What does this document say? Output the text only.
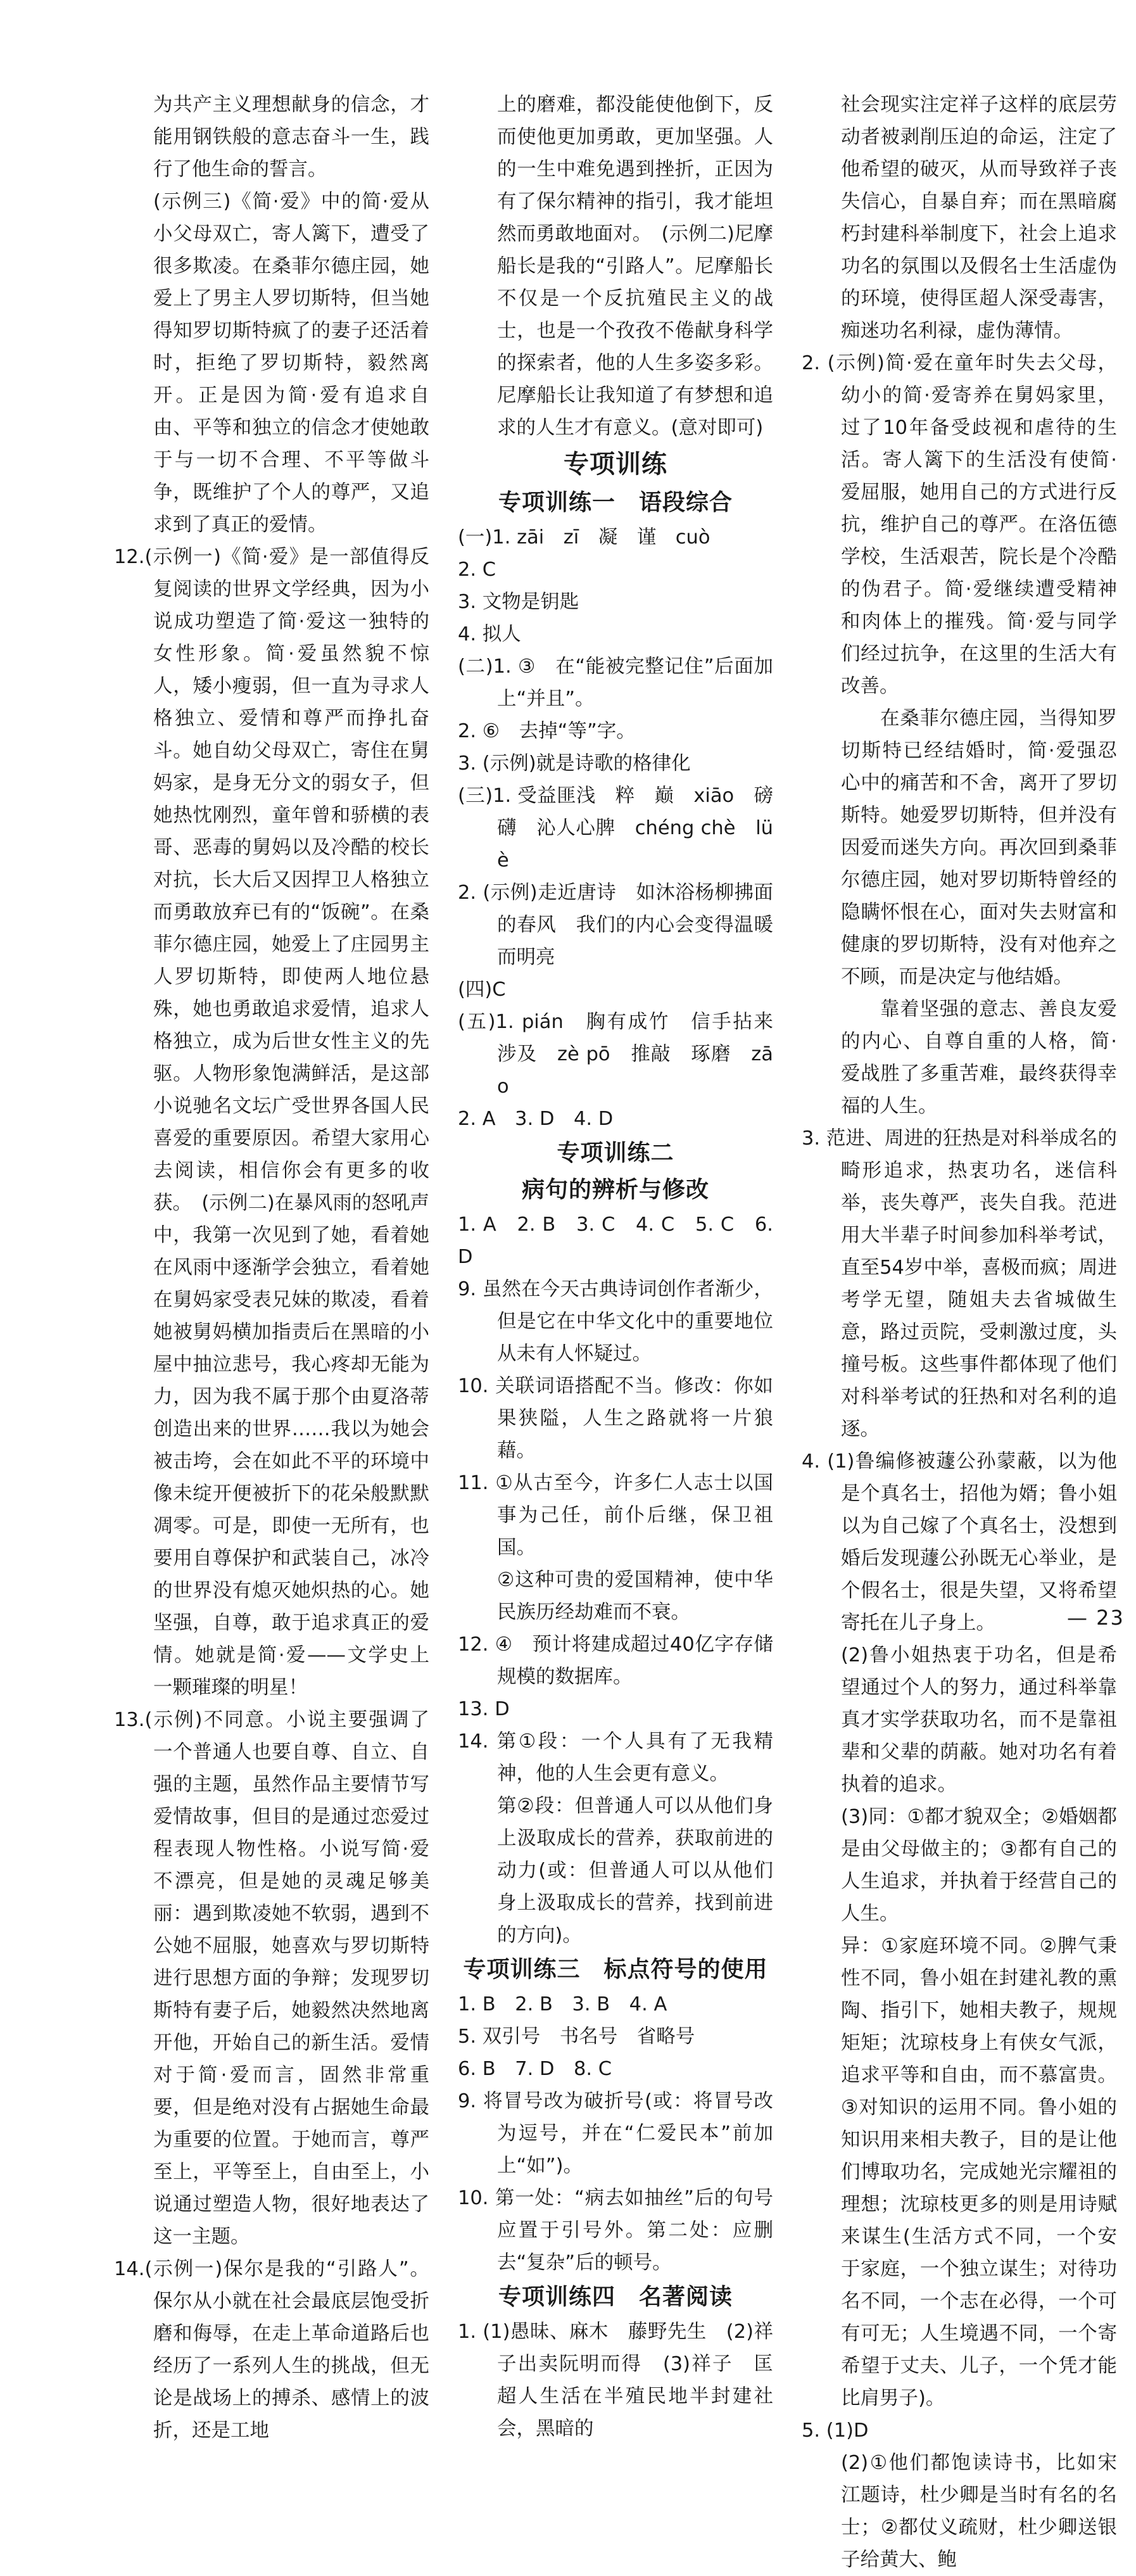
为共产主义理想献身的信念，才能用钢铁般的意志奋斗一生，践行了他生命的誓言。

(示例三)《简·爱》中的简·爱从小父母双亡，寄人篱下，遭受了很多欺凌。在桑菲尔德庄园，她爱上了男主人罗切斯特，但当她得知罗切斯特疯了的妻子还活着时，拒绝了罗切斯特，毅然离开。正是因为简·爱有追求自由、平等和独立的信念才使她敢于与一切不合理、不平等做斗争，既维护了个人的尊严，又追求到了真正的爱情。

12.(示例一)《简·爱》是一部值得反复阅读的世界文学经典，因为小说成功塑造了简·爱这一独特的女性形象。简·爱虽然貌不惊人，矮小瘦弱，但一直为寻求人格独立、爱情和尊严而挣扎奋斗。她自幼父母双亡，寄住在舅妈家，是身无分文的弱女子，但她热忱刚烈，童年曾和骄横的表哥、恶毒的舅妈以及冷酷的校长对抗，长大后又因捍卫人格独立而勇敢放弃已有的“饭碗”。在桑菲尔德庄园，她爱上了庄园男主人罗切斯特，即使两人地位悬殊，她也勇敢追求爱情，追求人格独立，成为后世女性主义的先驱。人物形象饱满鲜活，是这部小说驰名文坛广受世界各国人民喜爱的重要原因。希望大家用心去阅读，相信你会有更多的收获。　(示例二)在暴风雨的怒吼声中，我第一次见到了她，看着她在风雨中逐渐学会独立，看着她在舅妈家受表兄妹的欺凌，看着她被舅妈横加指责后在黑暗的小屋中抽泣悲号，我心疼却无能为力，因为我不属于那个由夏洛蒂创造出来的世界……我以为她会被击垮，会在如此不平的环境中像未绽开便被折下的花朵般默默凋零。可是，即使一无所有，也要用自尊保护和武装自己，冰冷的世界没有熄灭她炽热的心。她坚强，自尊，敢于追求真正的爱情。她就是简·爱——文学史上一颗璀璨的明星！

13.(示例)不同意。小说主要强调了一个普通人也要自尊、自立、自强的主题，虽然作品主要情节写爱情故事，但目的是通过恋爱过程表现人物性格。小说写简·爱不漂亮，但是她的灵魂足够美丽：遇到欺凌她不软弱，遇到不公她不屈服，她喜欢与罗切斯特进行思想方面的争辩；发现罗切斯特有妻子后，她毅然决然地离开他，开始自己的新生活。爱情对于简·爱而言，固然非常重要，但是绝对没有占据她生命最为重要的位置。于她而言，尊严至上，平等至上，自由至上，小说通过塑造人物，很好地表达了这一主题。

14.(示例一)保尔是我的“引路人”。保尔从小就在社会最底层饱受折磨和侮辱，在走上革命道路后也经历了一系列人生的挑战，但无论是战场上的搏杀、感情上的波折，还是工地

上的磨难，都没能使他倒下，反而使他更加勇敢，更加坚强。人的一生中难免遇到挫折，正因为有了保尔精神的指引，我才能坦然而勇敢地面对。　(示例二)尼摩船长是我的“引路人”。尼摩船长不仅是一个反抗殖民主义的战士，也是一个孜孜不倦献身科学的探索者，他的人生多姿多彩。尼摩船长让我知道了有梦想和追求的人生才有意义。(意对即可)

专项训练

专项训练一　语段综合

(一)1. zāi　zī　凝　谨　cuò

2. C

3. 文物是钥匙

4. 拟人

(二)1. ③　在“能被完整记住”后面加上“并且”。

2. ⑥　去掉“等”字。

3. (示例)就是诗歌的格律化

(三)1. 受益匪浅　粹　巅　xiāo　磅礴　沁人心脾　chéng chè　lüè

2. (示例)走近唐诗　如沐浴杨柳拂面的春风　我们的内心会变得温暖而明亮

(四)C

(五)1. pián　胸有成竹　信手拈来　涉及　zè pō　推敲　琢磨　zāo

2. A　3. D　4. D

专项训练二

病句的辨析与修改

1. A　2. B　3. C　4. C　5. C　6. D

9. 虽然在今天古典诗词创作者渐少，但是它在中华文化中的重要地位从未有人怀疑过。

10. 关联词语搭配不当。修改：你如果狭隘，人生之路就将一片狼藉。

11. ①从古至今，许多仁人志士以国事为己任，前仆后继，保卫祖国。

②这种可贵的爱国精神，使中华民族历经劫难而不衰。

12. ④　预计将建成超过40亿字存储规模的数据库。

13. D

14. 第①段：一个人具有了无我精神，他的人生会更有意义。

第②段：但普通人可以从他们身上汲取成长的营养，获取前进的动力(或：但普通人可以从他们身上汲取成长的营养，找到前进的方向)。

专项训练三　标点符号的使用

1. B　2. B　3. B　4. A

5. 双引号　书名号　省略号

6. B　7. D　8. C

9. 将冒号改为破折号(或：将冒号改为逗号，并在“仁爱民本”前加上“如”)。

10. 第一处：“病去如抽丝”后的句号应置于引号外。第二处：应删去“复杂”后的顿号。

专项训练四　名著阅读

1. (1)愚昧、麻木　藤野先生　(2)祥子出卖阮明而得　(3)祥子　匡超人生活在半殖民地半封建社会，黑暗的

社会现实注定祥子这样的底层劳动者被剥削压迫的命运，注定了他希望的破灭，从而导致祥子丧失信心，自暴自弃；而在黑暗腐朽封建科举制度下，社会上追求功名的氛围以及假名士生活虚伪的环境，使得匡超人深受毒害，痴迷功名利禄，虚伪薄情。

2. (示例)简·爱在童年时失去父母，幼小的简·爱寄养在舅妈家里，过了10年备受歧视和虐待的生活。寄人篱下的生活没有使简·爱屈服，她用自己的方式进行反抗，维护自己的尊严。在洛伍德学校，生活艰苦，院长是个冷酷的伪君子。简·爱继续遭受精神和肉体上的摧残。简·爱与同学们经过抗争，在这里的生活大有改善。

在桑菲尔德庄园，当得知罗切斯特已经结婚时，简·爱强忍心中的痛苦和不舍，离开了罗切斯特。她爱罗切斯特，但并没有因爱而迷失方向。再次回到桑菲尔德庄园，她对罗切斯特曾经的隐瞒怀恨在心，面对失去财富和健康的罗切斯特，没有对他弃之不顾，而是决定与他结婚。

靠着坚强的意志、善良友爱的内心、自尊自重的人格，简·爱战胜了多重苦难，最终获得幸福的人生。

3. 范进、周进的狂热是对科举成名的畸形追求，热衷功名，迷信科举，丧失尊严，丧失自我。范进用大半辈子时间参加科举考试，直至54岁中举，喜极而疯；周进考学无望，随姐夫去省城做生意，路过贡院，受刺激过度，头撞号板。这些事件都体现了他们对科举考试的狂热和对名利的追逐。

4. (1)鲁编修被蘧公孙蒙蔽，以为他是个真名士，招他为婿；鲁小姐以为自己嫁了个真名士，没想到婚后发现蘧公孙既无心举业，是个假名士，很是失望，又将希望寄托在儿子身上。

(2)鲁小姐热衷于功名，但是希望通过个人的努力，通过科举靠真才实学获取功名，而不是靠祖辈和父辈的荫蔽。她对功名有着执着的追求。

(3)同：①都才貌双全；②婚姻都是由父母做主的；③都有自己的人生追求，并执着于经营自己的人生。

异：①家庭环境不同。②脾气秉性不同，鲁小姐在封建礼教的熏陶、指引下，她相夫教子，规规矩矩；沈琼枝身上有侠女气派，追求平等和自由，而不慕富贵。③对知识的运用不同。鲁小姐的知识用来相夫教子，目的是让他们博取功名，完成她光宗耀祖的理想；沈琼枝更多的则是用诗赋来谋生(生活方式不同，一个安于家庭，一个独立谋生；对待功名不同，一个志在必得，一个可有可无；人生境遇不同，一个寄希望于丈夫、儿子，一个凭才能比肩男子)。

5. (1)D

(2)①他们都饱读诗书，比如宋江题诗，杜少卿是当时有名的名士；②都仗义疏财，杜少卿送银子给黄大、鲍

— 23
